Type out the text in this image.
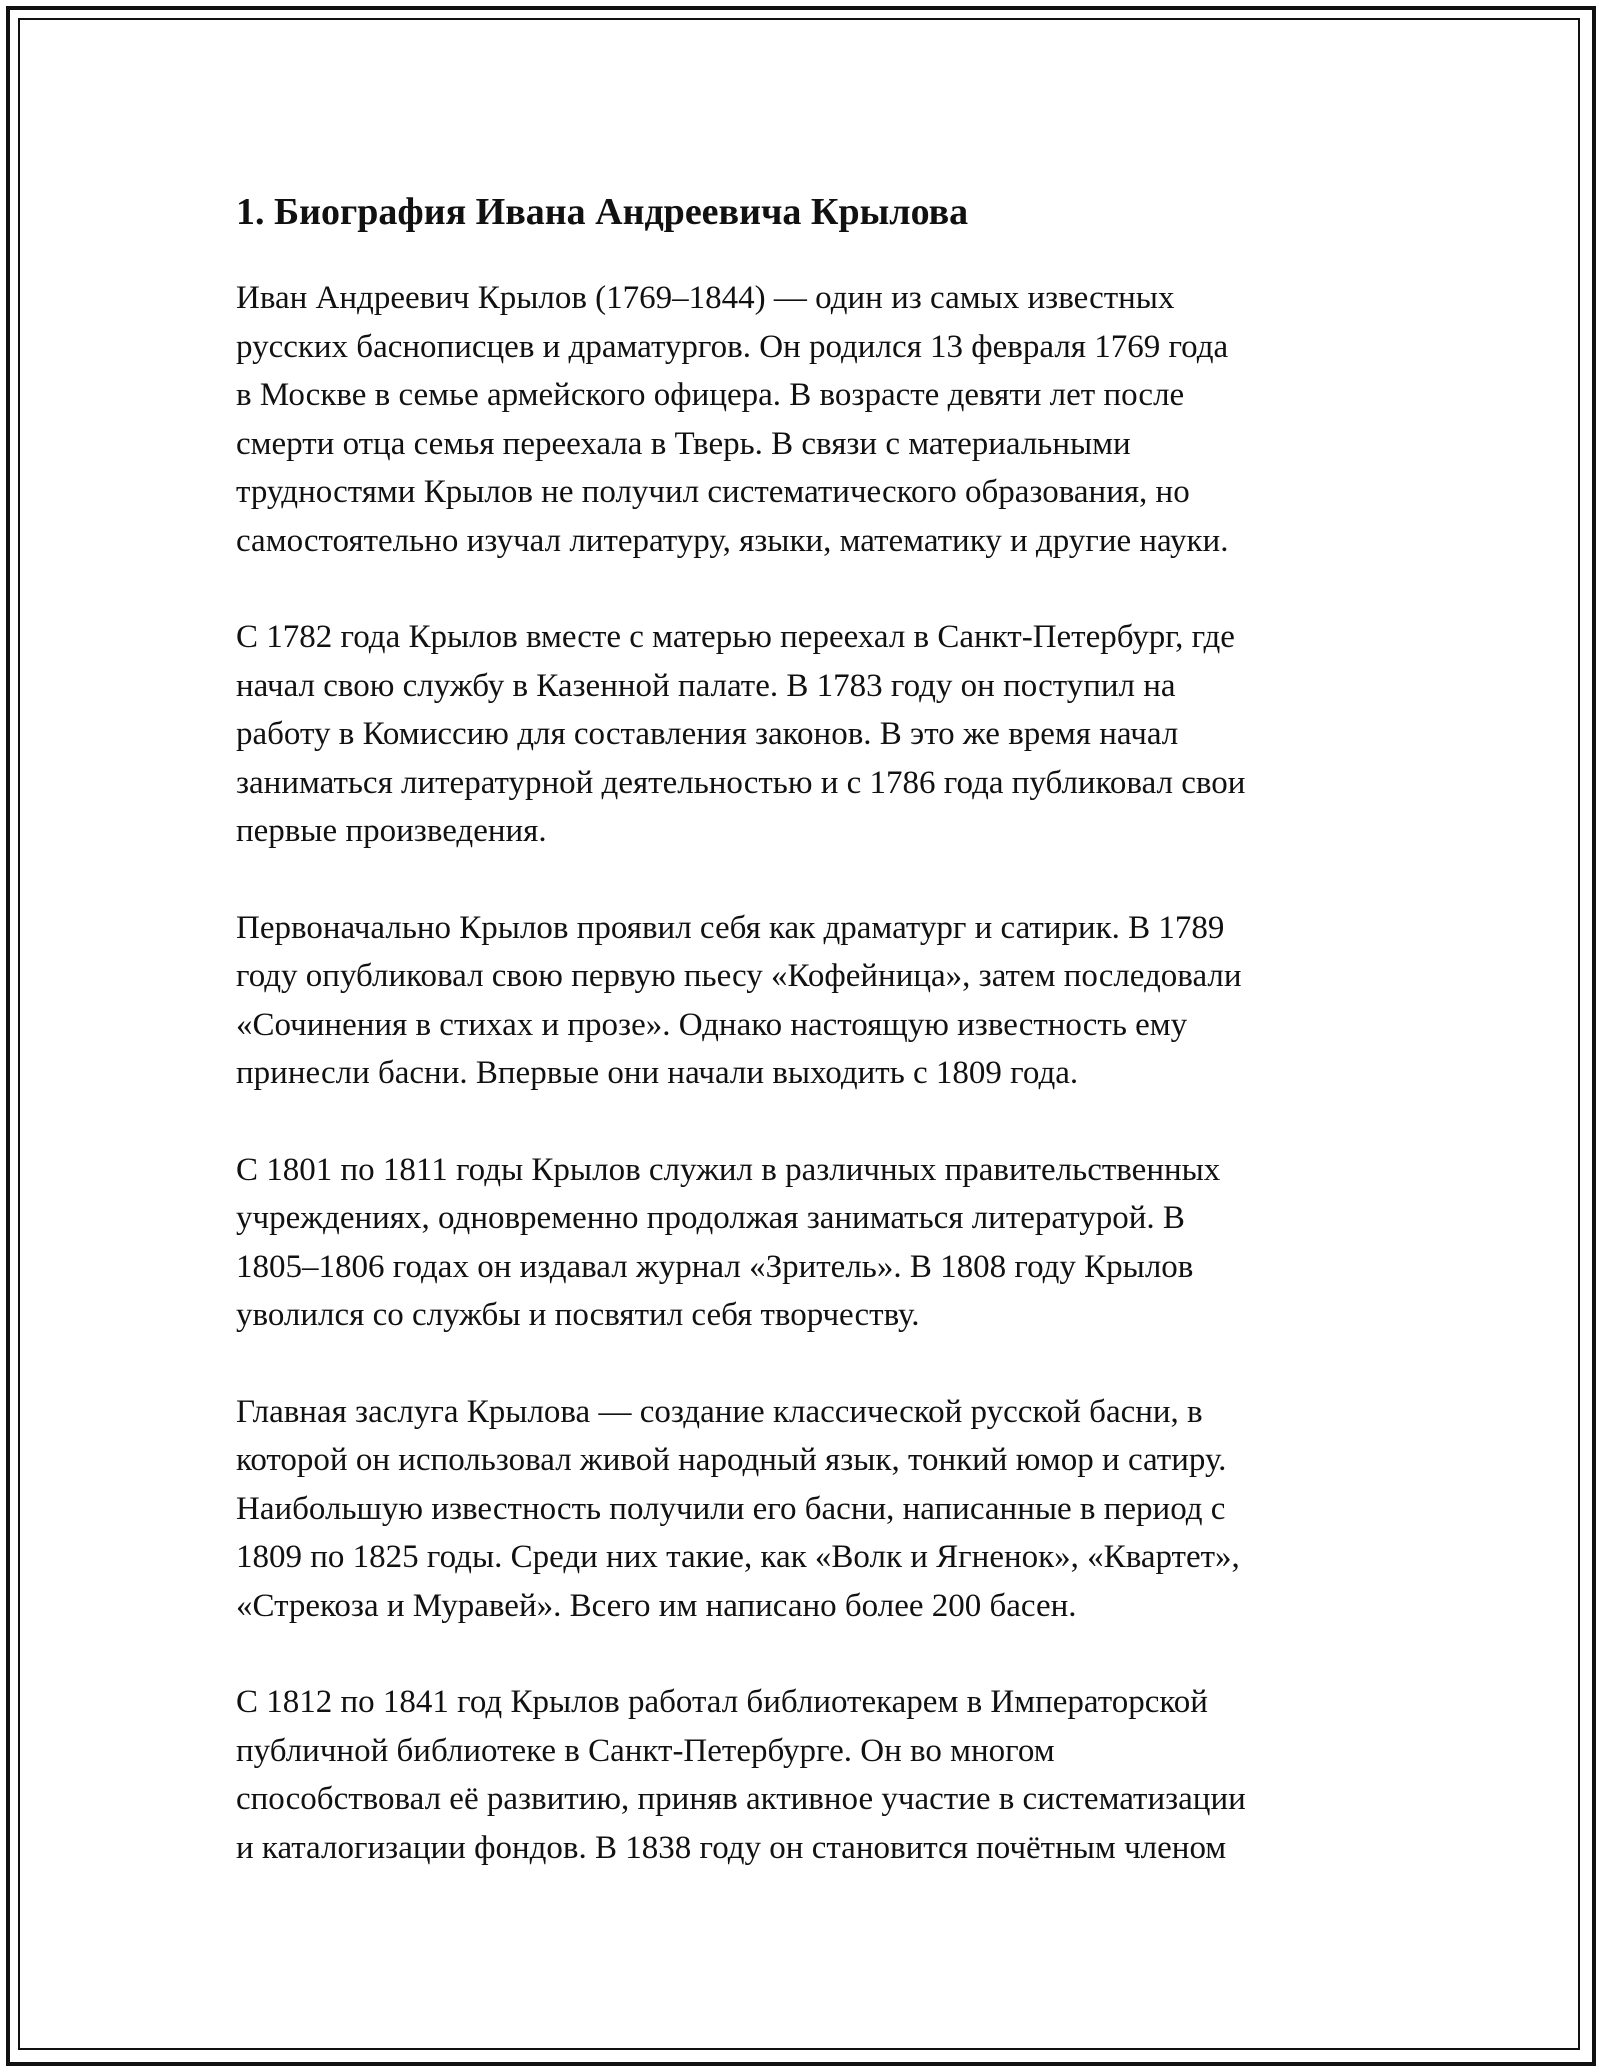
1. Биография Ивана Андреевича Крылова

Иван Андреевич Крылов (1769–1844) — один из самых известных
русских баснописцев и драматургов. Он родился 13 февраля 1769 года
в Москве в семье армейского офицера. В возрасте девяти лет после
смерти отца семья переехала в Тверь. В связи с материальными
трудностями Крылов не получил систематического образования, но
самостоятельно изучал литературу, языки, математику и другие науки.

С 1782 года Крылов вместе с матерью переехал в Санкт-Петербург, где
начал свою службу в Казенной палате. В 1783 году он поступил на
работу в Комиссию для составления законов. В это же время начал
заниматься литературной деятельностью и с 1786 года публиковал свои
первые произведения.

Первоначально Крылов проявил себя как драматург и сатирик. В 1789
году опубликовал свою первую пьесу «Кофейница», затем последовали
«Сочинения в стихах и прозе». Однако настоящую известность ему
принесли басни. Впервые они начали выходить с 1809 года.

С 1801 по 1811 годы Крылов служил в различных правительственных
учреждениях, одновременно продолжая заниматься литературой. В
1805–1806 годах он издавал журнал «Зритель». В 1808 году Крылов
уволился со службы и посвятил себя творчеству.

Главная заслуга Крылова — создание классической русской басни, в
которой он использовал живой народный язык, тонкий юмор и сатиру.
Наибольшую известность получили его басни, написанные в период с
1809 по 1825 годы. Среди них такие, как «Волк и Ягненок», «Квартет»,
«Стрекоза и Муравей». Всего им написано более 200 басен.

С 1812 по 1841 год Крылов работал библиотекарем в Императорской
публичной библиотеке в Санкт-Петербурге. Он во многом
способствовал её развитию, приняв активное участие в систематизации
и каталогизации фондов. В 1838 году он становится почётным членом
